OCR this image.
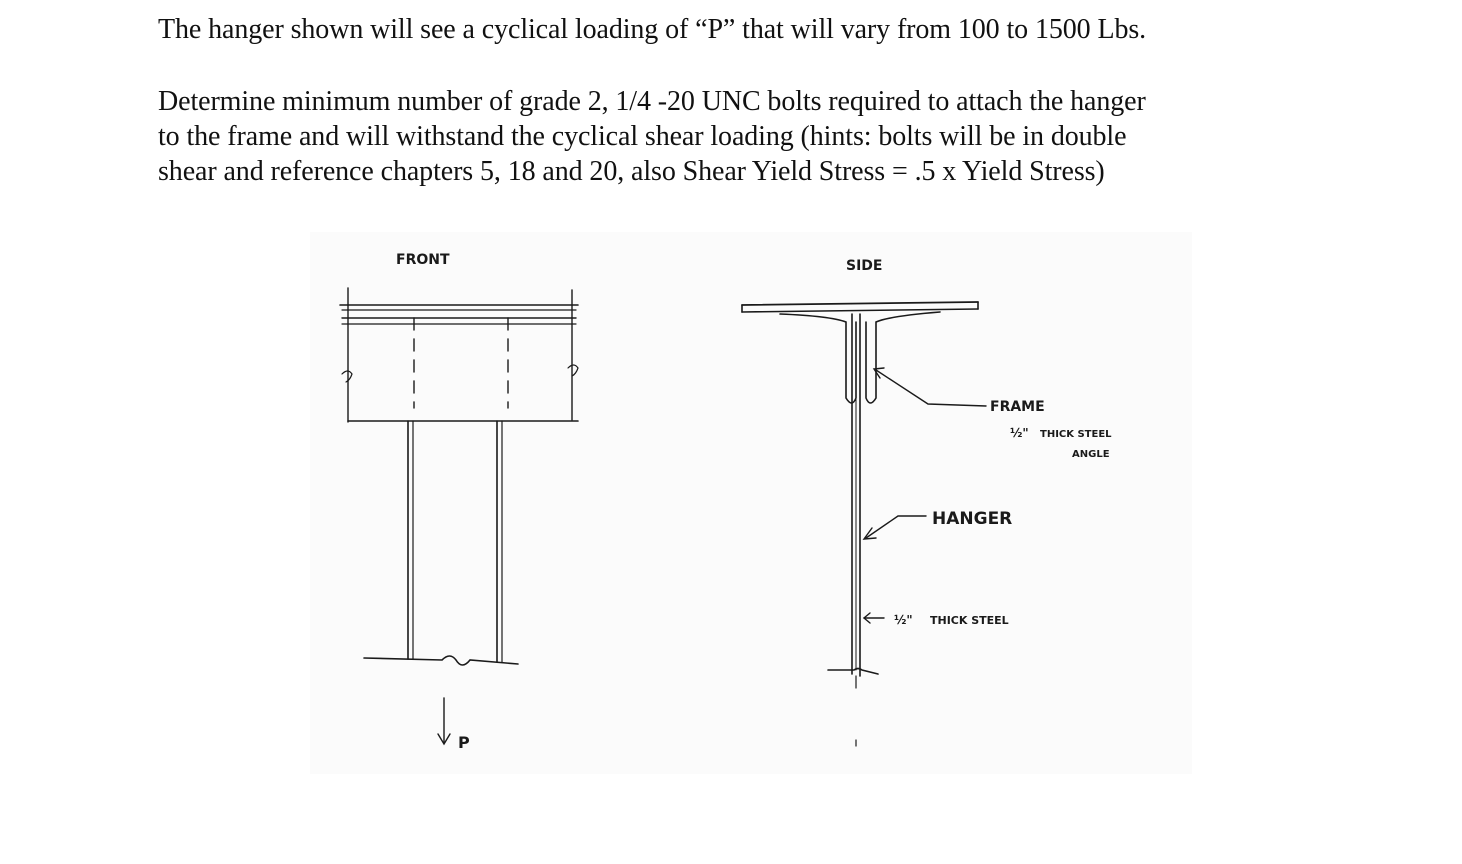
The hanger shown will see a cyclical loading of “P” that will vary from 100 to 1500 Lbs.
Determine minimum number of grade 2, 1/4 -20 UNC bolts required to attach the hanger
to the frame and will withstand the cyclical shear loading (hints: bolts will be in double
shear and reference chapters 5, 18 and 20, also Shear Yield Stress = .5 x Yield Stress)
FRONT	SIDE
FRAME
½" THICK STEEL
ANGLE
HANGER
½" THICK STEEL
P
